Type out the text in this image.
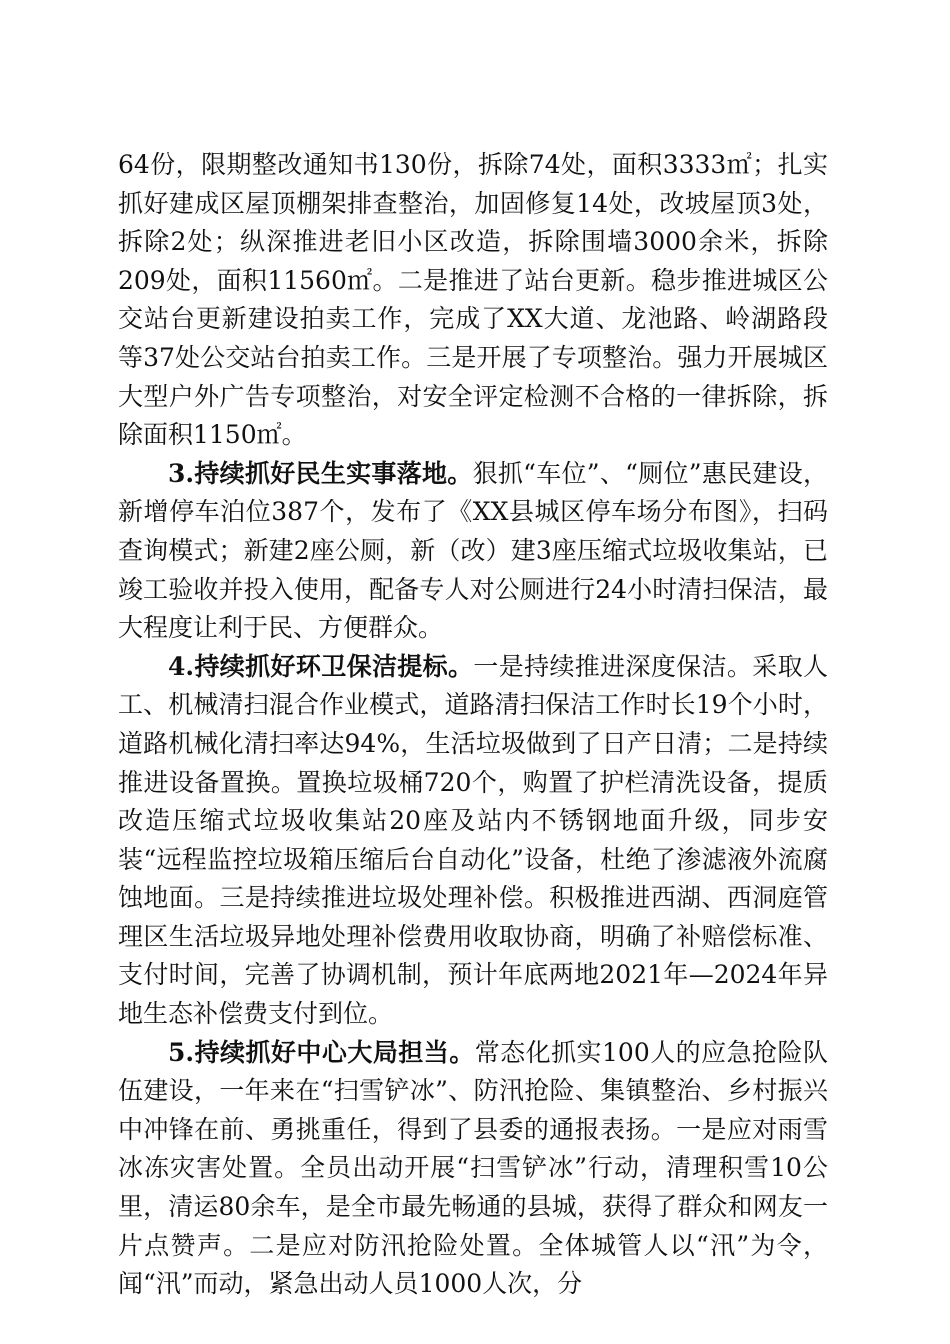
64份，限期整改通知书130份，拆除74处，面积3333㎡；扎实抓好建成区屋顶棚架排查整治，加固修复14处，改坡屋顶3处，拆除2处；纵深推进老旧小区改造，拆除围墙3000余米，拆除209处，面积11560㎡。二是推进了站台更新。稳步推进城区公交站台更新建设拍卖工作，完成了XX大道、龙池路、岭湖路段等37处公交站台拍卖工作。三是开展了专项整治。强力开展城区大型户外广告专项整治，对安全评定检测不合格的一律拆除，拆除面积1150㎡。

3.持续抓好民生实事落地。狠抓“车位”、“厕位”惠民建设，新增停车泊位387个，发布了《XX县城区停车场分布图》，扫码查询模式；新建2座公厕，新（改）建3座压缩式垃圾收集站，已竣工验收并投入使用，配备专人对公厕进行24小时清扫保洁，最大程度让利于民、方便群众。

4.持续抓好环卫保洁提标。一是持续推进深度保洁。采取人工、机械清扫混合作业模式，道路清扫保洁工作时长19个小时，道路机械化清扫率达94%，生活垃圾做到了日产日清；二是持续推进设备置换。置换垃圾桶720个，购置了护栏清洗设备，提质改造压缩式垃圾收集站20座及站内不锈钢地面升级，同步安装“远程监控垃圾箱压缩后台自动化”设备，杜绝了渗滤液外流腐蚀地面。三是持续推进垃圾处理补偿。积极推进西湖、西洞庭管理区生活垃圾异地处理补偿费用收取协商，明确了补赔偿标准、支付时间，完善了协调机制，预计年底两地2021年—2024年异地生态补偿费支付到位。

5.持续抓好中心大局担当。常态化抓实100人的应急抢险队伍建设，一年来在“扫雪铲冰”、防汛抢险、集镇整治、乡村振兴中冲锋在前、勇挑重任，得到了县委的通报表扬。一是应对雨雪冰冻灾害处置。全员出动开展“扫雪铲冰”行动，清理积雪10公里，清运80余车，是全市最先畅通的县城，获得了群众和网友一片点赞声。二是应对防汛抢险处置。全体城管人以“汛”为令，闻“汛”而动，紧急出动人员1000人次，分
